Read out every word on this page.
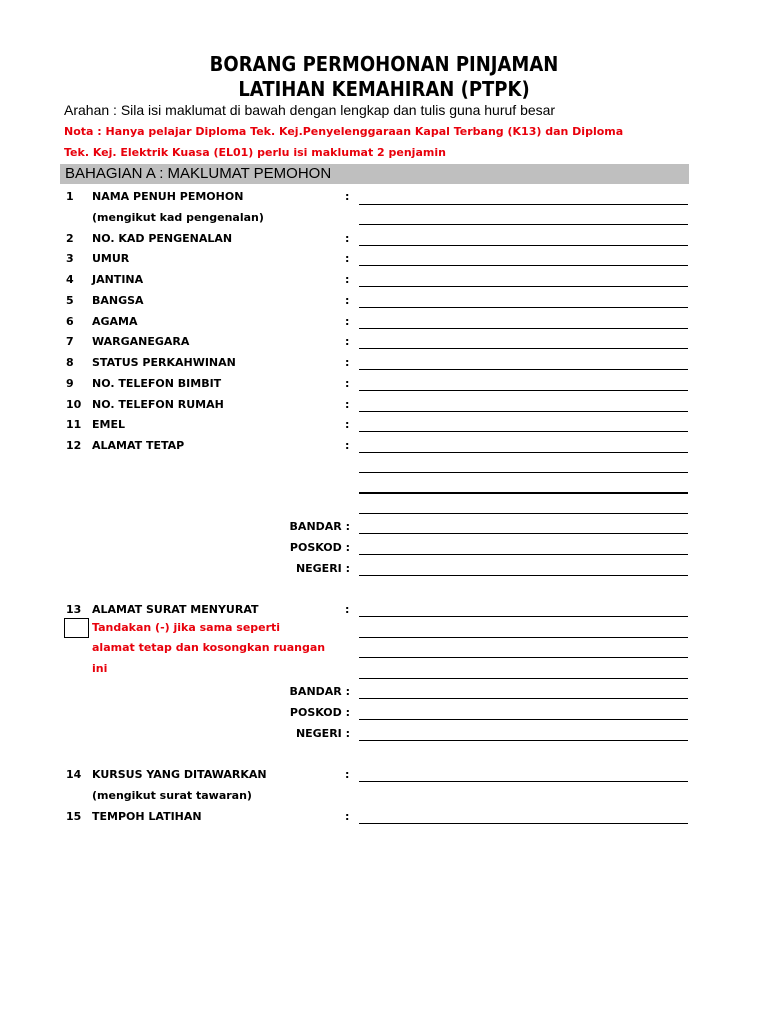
BORANG PERMOHONAN PINJAMAN
LATIHAN KEMAHIRAN (PTPK)
Arahan : Sila isi maklumat di bawah dengan lengkap dan tulis guna huruf besar
Nota : Hanya pelajar Diploma Tek. Kej.Penyelenggaraan Kapal Terbang (K13) dan Diploma
Tek. Kej. Elektrik Kuasa (EL01) perlu isi maklumat 2 penjamin
BAHAGIAN A : MAKLUMAT PEMOHON
1 NAMA PENUH PEMOHON	:
(mengikut kad pengenalan)
2 NO. KAD PENGENALAN	:
3 UMUR	:
4 JANTINA	:
5 BANGSA	:
6 AGAMA	:
7 WARGANEGARA	:
8 STATUS PERKAHWINAN	:
9 NO. TELEFON BIMBIT	:
10 NO. TELEFON RUMAH	:
11 EMEL	:
12 ALAMAT TETAP	:
BANDAR :
POSKOD :
NEGERI :
13 ALAMAT SURAT MENYURAT	:
Tandakan (-) jika sama seperti
alamat tetap dan kosongkan ruangan
ini
BANDAR :
POSKOD :
NEGERI :
14 KURSUS YANG DITAWARKAN	:
(mengikut surat tawaran)
15 TEMPOH LATIHAN	:
